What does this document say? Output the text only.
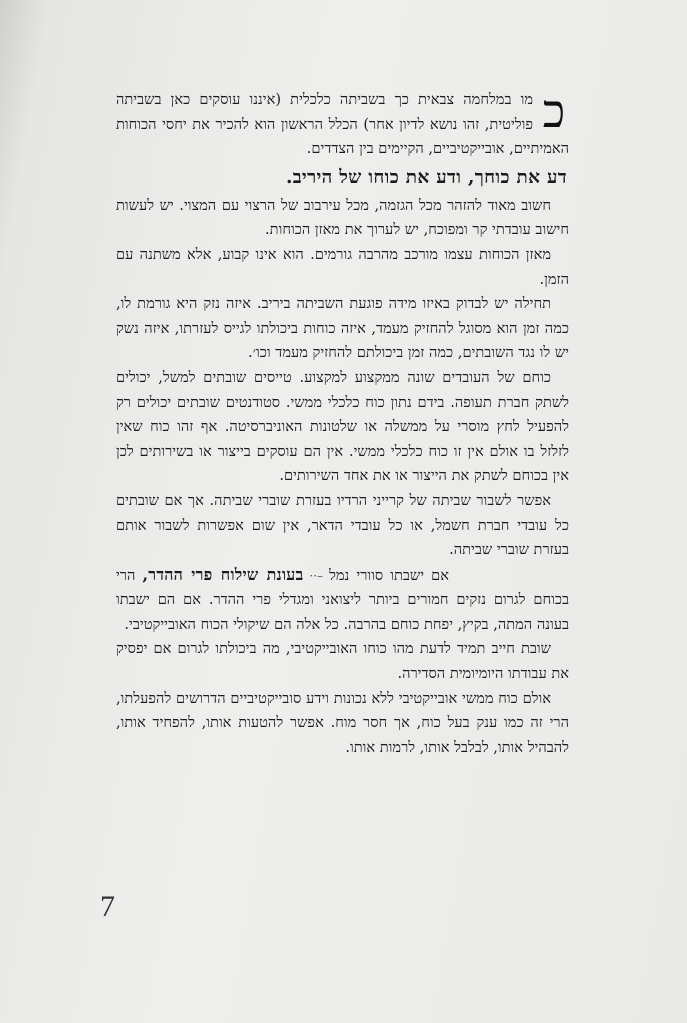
כ

מו במלחמה צבאית כך בשביתה כלכלית (איננו עוסקים כאן בשביתה פוליטית, זהו נושא לדיון אחר) הכלל הראשון הוא להכיר את יחסי הכוחות האמיתיים, אובייקטיביים, הקיימים בין הצדדים.

דע את כוחך, ודע את כוחו של היריב.

חשוב מאוד להזהר מכל הגזמה, מכל עירבוב של הרצוי עם המצוי. יש לעשות חישוב עובדתי קר ומפוכח, יש לערוך את מאזן הכוחות.

מאזן הכוחות עצמו מורכב מהרבה גורמים. הוא אינו קבוע, אלא משתנה עם הזמן.

תחילה יש לבדוק באיזו מידה פוגעת השביתה ביריב. איזה נזק היא גורמת לו, כמה זמן הוא מסוגל להחזיק מעמד, איזה כוחות ביכולתו לגייס לעזרתו, איזה נשק יש לו נגד השובתים, כמה זמן ביכולתם להחזיק מעמד וכו׳.

כוחם של העובדים שונה ממקצוע למקצוע. טייסים שובתים למשל, יכולים לשתק חברת תעופה. בידם נתון כוח כלכלי ממשי. סטודנטים שובתים יכולים רק להפעיל לחץ מוסרי על ממשלה או שלטונות האוניברסיטה. אף זהו כוח שאין לזלזל בו אולם אין זו כוח כלכלי ממשי. אין הם עוסקים בייצור או בשירותים לכן אין בכוחם לשתק את הייצור או את אחד השירותים.

אפשר לשבור שביתה של קרייני הרדיו בעזרת שוברי שביתה. אך אם שובתים כל עובדי חברת חשמל, או כל עובדי הדאר, אין שום אפשרות לשבור אותם בעזרת שוברי שביתה.

אם ישבתו סוורי נמל–··בעונת שילוח פרי ההדר, הרי בכוחם לגרום נזקים חמורים ביותר ליצואני ומגדלי פרי ההדר. אם הם ישבתו בעונה המתה, בקיץ, יפחת כוחם בהרבה. כל אלה הם שיקולי הכוח האובייקטיבי.

שובת חייב תמיד לדעת מהו כוחו האובייקטיבי, מה ביכולתו לגרום אם יפסיק את עבודתו היומיומית הסדירה.

אולם כוח ממשי אובייקטיבי ללא נכונות וידע סובייקטיביים הדרושים להפעלתו, הרי זה כמו ענק בעל כוח, אך חסר מוח. אפשר להטעות אותו, להפחיד אותו, להבהיל אותו, לבלבל אותו, לרמות אותו.

7
